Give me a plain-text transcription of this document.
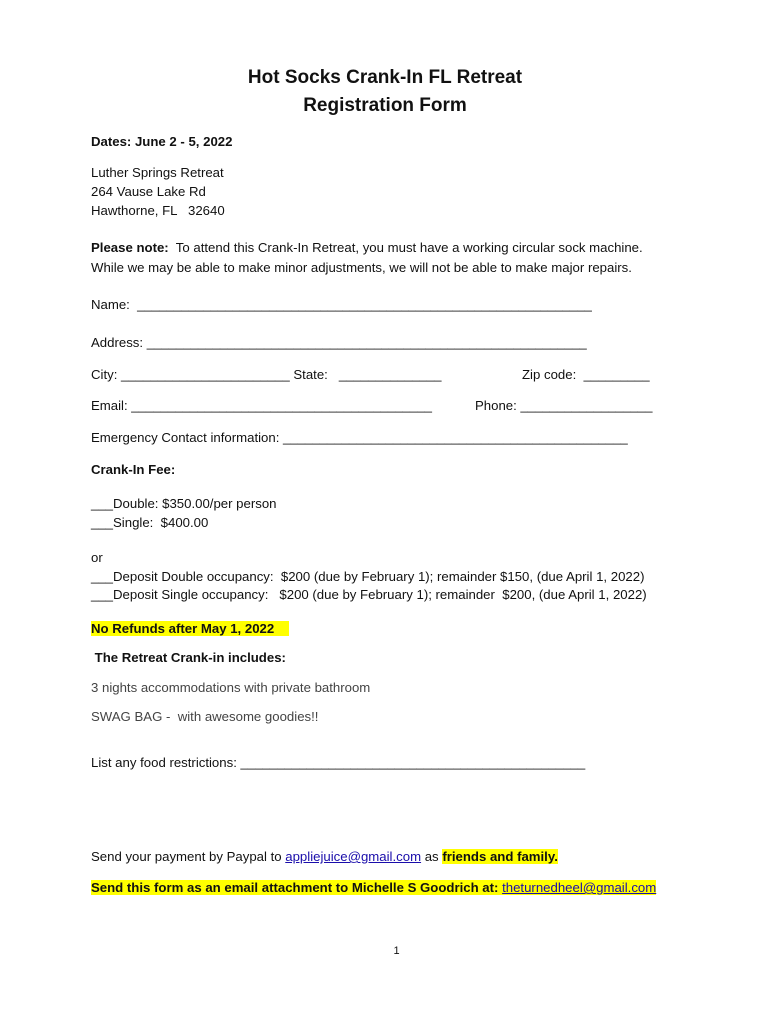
Hot Socks Crank-In FL Retreat
Registration Form
Dates: June 2 - 5, 2022
Luther Springs Retreat
264 Vause Lake Rd
Hawthorne, FL   32640
Please note:  To attend this Crank-In Retreat, you must have a working circular sock machine.
While we may be able to make minor adjustments, we will not be able to make major repairs.
Name:  ______________________________________________________________
Address: ____________________________________________________________
City: _______________________ State:   ______________	Zip code:  _________
Email: _________________________________________	Phone: __________________
Emergency Contact information: _______________________________________________
Crank-In Fee:
___Double: $350.00/per person
___Single:  $400.00
or
___Deposit Double occupancy:  $200 (due by February 1); remainder $150, (due April 1, 2022)
___Deposit Single occupancy:   $200 (due by February 1); remainder  $200, (due April 1, 2022)
No Refunds after May 1, 2022
The Retreat Crank-in includes:
3 nights accommodations with private bathroom
SWAG BAG -  with awesome goodies!!
List any food restrictions: _______________________________________________
Send your payment by Paypal to appliejuice@gmail.com as friends and family.
Send this form as an email attachment to Michelle S Goodrich at: theturnedheel@gmail.com
1
